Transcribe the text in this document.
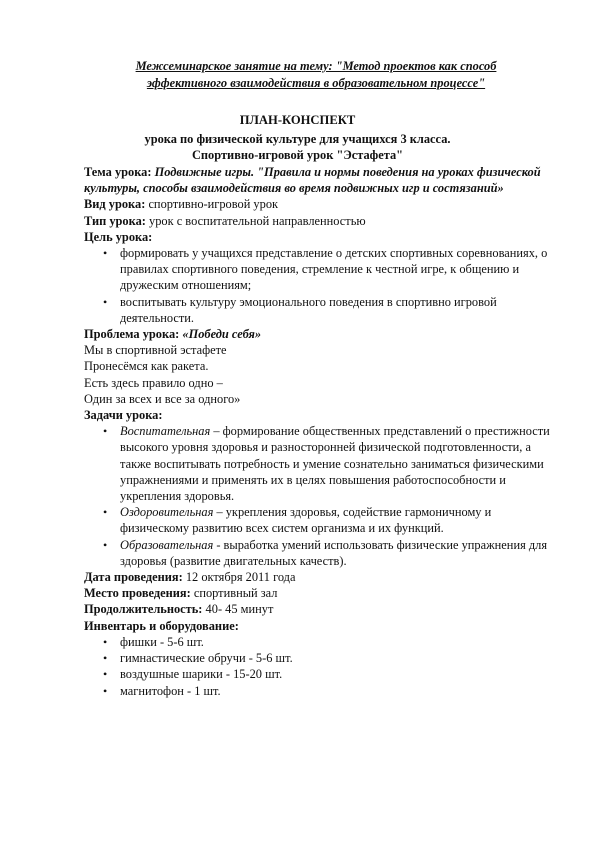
Межсеминарское занятие на тему: "Метод проектов как способ
эффективного взаимодействия в образовательном процессе"
ПЛАН-КОНСПЕКТ
урока по физической культуре для учащихся 3 класса.
Спортивно-игровой урок "Эстафета"

Тема урока: Подвижные игры. "Правила и нормы поведения на уроках физической культуры, способы взаимодействия во время подвижных игр и состязаний»

Вид урока: спортивно-игровой урок

Тип урока: урок с воспитательной направленностью

Цель урока:

• формировать у учащихся представление о детских спортивных соревнованиях, о правилах спортивного поведения, стремление к честной игре, к общению и дружеским отношениям;
• воспитывать культуру эмоционального поведения в спортивно игровой деятельности.

Проблема урока: «Победи себя»

Мы в спортивной эстафете

Пронесёмся как ракета.

Есть здесь правило одно –

Один за всех и все за одного»

Задачи урока:

• Воспитательная – формирование общественных представлений о престижности высокого уровня здоровья и разносторонней физической подготовленности, а также воспитывать потребность и умение сознательно заниматься физическими упражнениями и применять их в целях повышения работоспособности и укрепления здоровья.
• Оздоровительная – укрепления здоровья, содействие гармоничному и физическому развитию всех систем организма и их функций.
• Образовательная - выработка умений использовать физические упражнения для здоровья (развитие двигательных качеств).

Дата проведения: 12 октября 2011 года

Место проведения: спортивный зал

Продолжительность: 40- 45 минут

Инвентарь и оборудование:

• фишки - 5-6 шт.
• гимнастические обручи - 5-6 шт.
• воздушные шарики - 15-20 шт.
• магнитофон - 1 шт.
